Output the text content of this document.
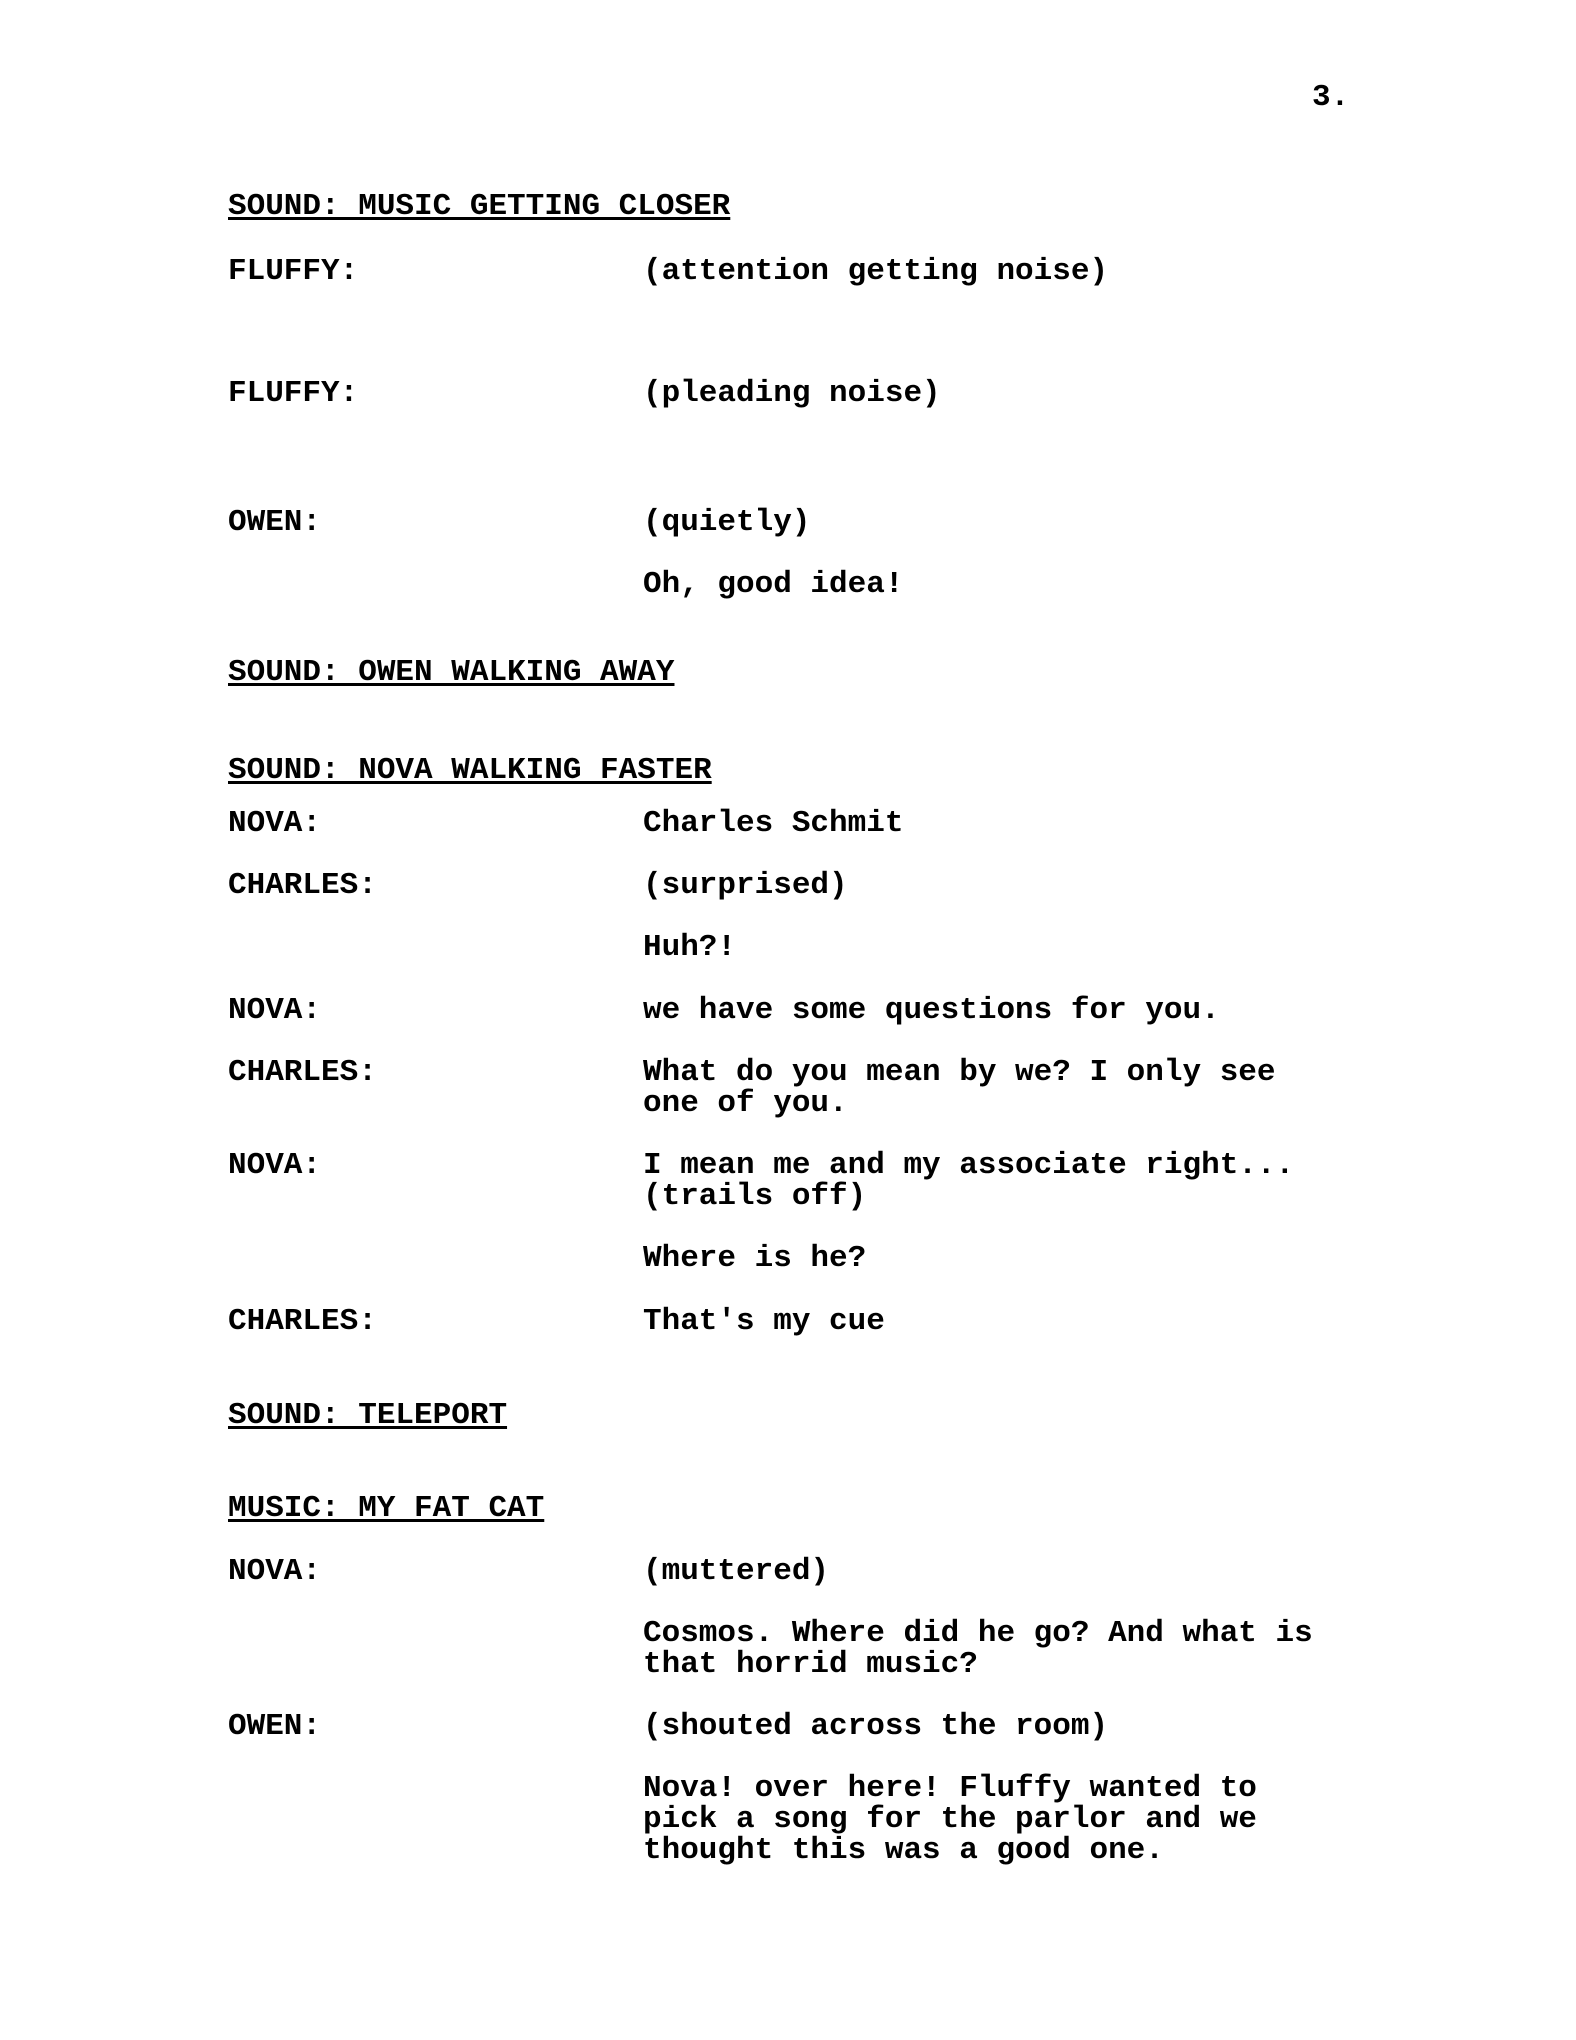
3.
SOUND: MUSIC GETTING CLOSER
FLUFFY:	(attention getting noise)
FLUFFY:	(pleading noise)
OWEN:	(quietly)

Oh, good idea!
SOUND: OWEN WALKING AWAY
SOUND: NOVA WALKING FASTER
NOVA:	Charles Schmit
CHARLES:	(surprised)

Huh?!
NOVA:	we have some questions for you.
CHARLES:	What do you mean by we? I only see
one of you.
NOVA:	I mean me and my associate right...
(trails off)

Where is he?
CHARLES:	That's my cue
SOUND: TELEPORT
MUSIC: MY FAT CAT
NOVA:	(muttered)

Cosmos. Where did he go? And what is
that horrid music?
OWEN:	(shouted across the room)

Nova! over here! Fluffy wanted to
pick a song for the parlor and we
thought this was a good one.
